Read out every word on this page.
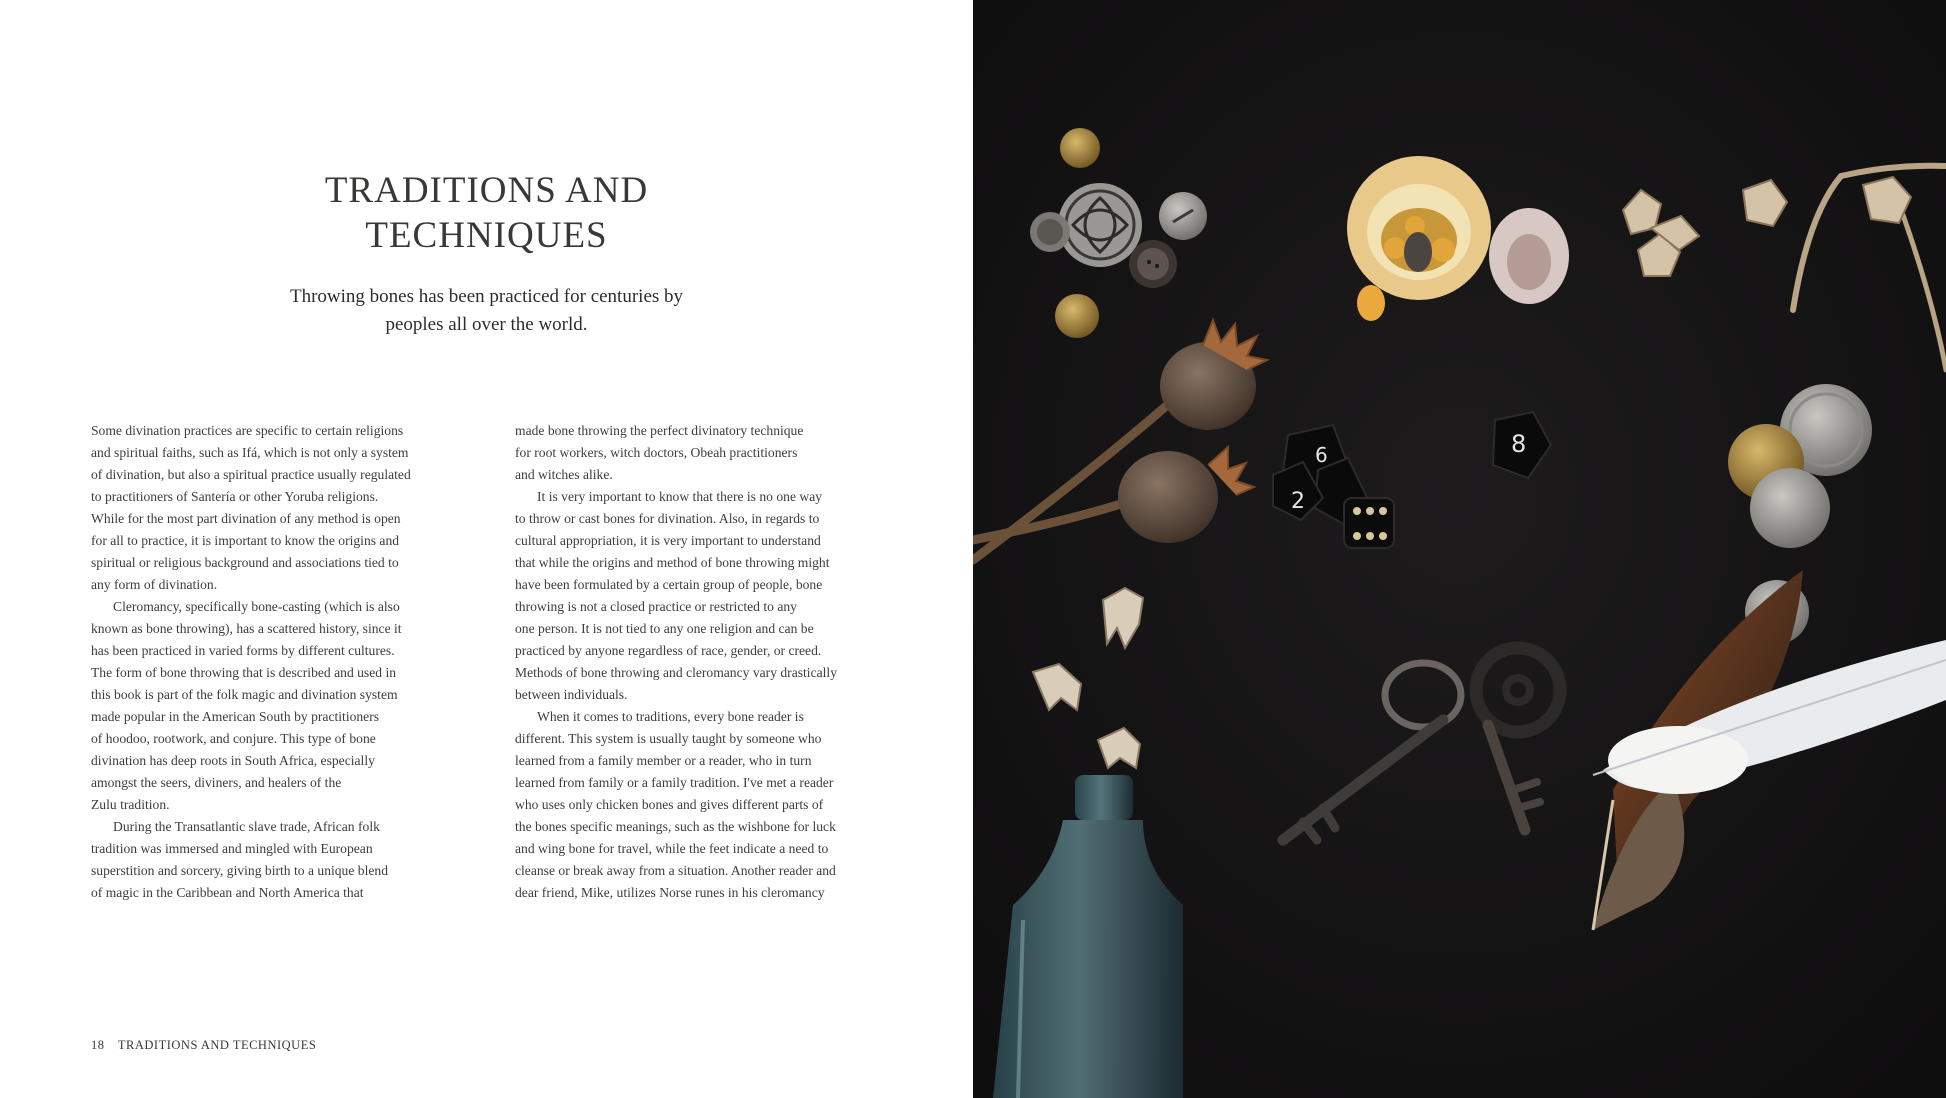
TRADITIONS AND
TECHNIQUES
Throwing bones has been practiced for centuries by
peoples all over the world.
Some divination practices are specific to certain religions
and spiritual faiths, such as Ifá, which is not only a system
of divination, but also a spiritual practice usually regulated
to practitioners of Santería or other Yoruba religions.
While for the most part divination of any method is open
for all to practice, it is important to know the origins and
spiritual or religious background and associations tied to
any form of divination.
Cleromancy, specifically bone-casting (which is also
known as bone throwing), has a scattered history, since it
has been practiced in varied forms by different cultures.
The form of bone throwing that is described and used in
this book is part of the folk magic and divination system
made popular in the American South by practitioners
of hoodoo, rootwork, and conjure. This type of bone
divination has deep roots in South Africa, especially
amongst the seers, diviners, and healers of the
Zulu tradition.
During the Transatlantic slave trade, African folk
tradition was immersed and mingled with European
superstition and sorcery, giving birth to a unique blend
of magic in the Caribbean and North America that
made bone throwing the perfect divinatory technique
for root workers, witch doctors, Obeah practitioners
and witches alike.
It is very important to know that there is no one way
to throw or cast bones for divination. Also, in regards to
cultural appropriation, it is very important to understand
that while the origins and method of bone throwing might
have been formulated by a certain group of people, bone
throwing is not a closed practice or restricted to any
one person. It is not tied to any one religion and can be
practiced by anyone regardless of race, gender, or creed.
Methods of bone throwing and cleromancy vary drastically
between individuals.
When it comes to traditions, every bone reader is
different. This system is usually taught by someone who
learned from a family member or a reader, who in turn
learned from family or a family tradition. I've met a reader
who uses only chicken bones and gives different parts of
the bones specific meanings, such as the wishbone for luck
and wing bone for travel, while the feet indicate a need to
cleanse or break away from a situation. Another reader and
dear friend, Mike, utilizes Norse runes in his cleromancy
18 TRADITIONS AND TECHNIQUES
6
2
8
